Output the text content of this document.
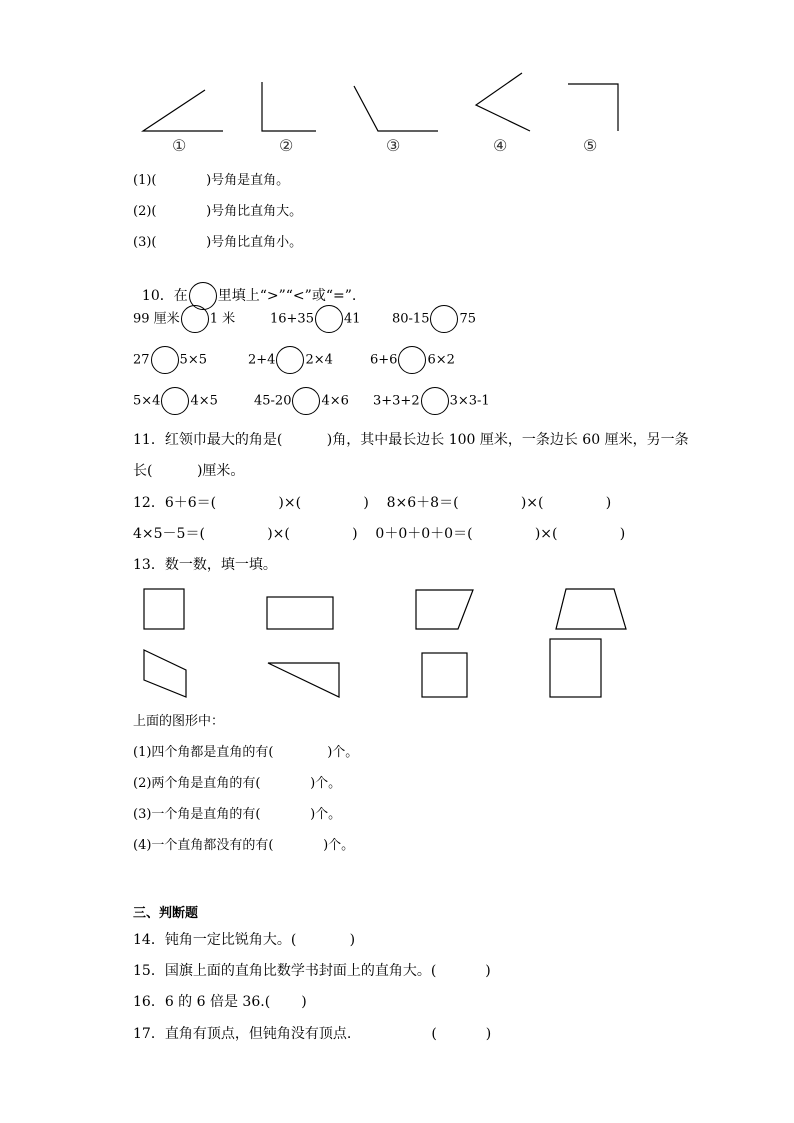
①	②	③	④	⑤
(1)(            )号角是直角。
(2)(            )号角比直角大。
(3)(            )号角比直角小。

10．在 里填上“>”“<”或“=”.

99 厘米 1 米	16+35 41 80-15 75
27 5×5	2+4 2×4	6+6 6×2
5×4 4×5	45-20 4×6 3+3+2 3×3-1
11．红领巾最大的角是(          )角，其中最长边长 100 厘米，一条边长 60 厘米，另一条
长(          )厘米。
12．6＋6＝(              )×(              )    8×6＋8＝(              )×(              )
4×5－5＝(              )×(              )    0＋0＋0＋0＝(              )×(              )
13．数一数，填一填。
上面的图形中：
(1)四个角都是直角的有(             )个。
(2)两个角是直角的有(            )个。
(3)一个角是直角的有(            )个。
(4)一个直角都没有的有(            )个。
三、判断题
14．钝角一定比锐角大。(            )
15．国旗上面的直角比数学书封面上的直角大。(           )
16．6 的 6 倍是 36.(       )
17．直角有顶点，但钝角没有顶点.                  (           )
